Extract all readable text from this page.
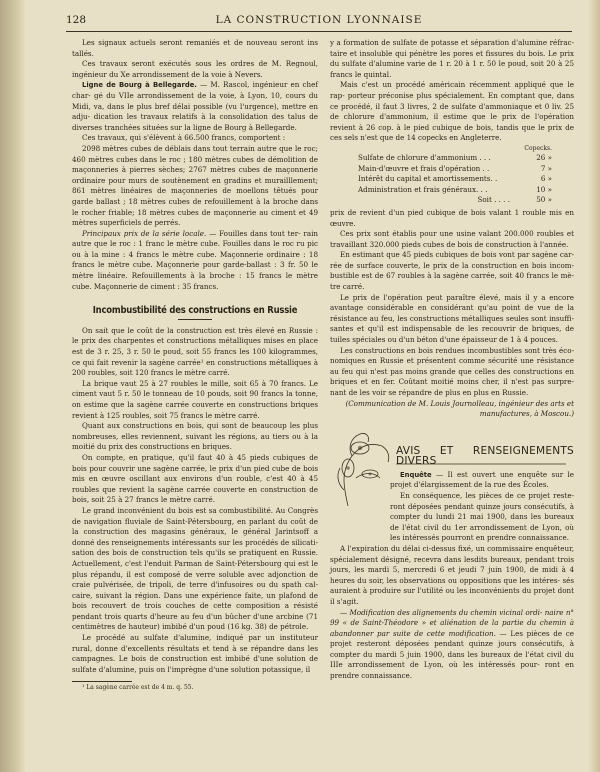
128	LA CONSTRUCTION LYONNAISE

Les signaux actuels seront remaniés et de nouveau seront ins tallés.

Ces travaux seront exécutés sous les ordres de M. Regnoul, ingénieur du Xe arrondissement de la voie à Nevers.

Ligne de Bourg à Bellegarde. — M. Rascol, ingénieur en chef char- gé du VIIe arrondissement de la voie, à Lyon, 10, cours du Midi, va, dans le plus bref délai possible (vu l'urgence), mettre en adju- dication les travaux relatifs à la consolidation des talus de diverses tranchées situées sur la ligne de Bourg à Bellegarde.

Ces travaux, qui s'élèvent à 66.500 francs, comportent :

2098 mètres cubes de déblais dans tout terrain autre que le roc; 460 mètres cubes dans le roc ; 180 mètres cubes de démolition de maçonneries à pierres sèches; 2767 mètres cubes de maçonnerie ordinaire pour murs de soutènement en gradins et murailllement; 861 mètres linéaires de maçonneries de moellons têtués pour garde ballast ; 18 mètres cubes de refouillement à la broche dans le rocher friable; 18 mètres cubes de maçonnerie au ciment et 49 mètres superficiels de perrés.

Principaux prix de la série locale. — Fouilles dans tout ter- rain autre que le roc : 1 franc le mètre cube. Fouilles dans le roc ru pic ou à la mine : 4 francs le mètre cube. Maçonnerie ordinaire : 18 francs le mètre cube. Maçonnerie pour garde-ballast : 3 fr. 50 le mètre linéaire. Refouillements à la broche : 15 francs le mètre cube. Maçonnerie de ciment : 35 francs.

Incombustibilité des constructions en Russie

On sait que le coût de la construction est très élevé en Russie : le prix des charpentes et constructions métalliques mises en place est de 3 r. 25, 3 r. 50 le poud, soit 55 francs les 100 kilogrammes, ce qui fait revenir la sagène carrée¹ en constructions métalliques à 200 roubles, soit 120 francs le mètre carré.

La brique vaut 25 à 27 roubles le mille, soit 65 à 70 francs. Le ciment vaut 5 r. 50 le tonneau de 10 pouds, soit 90 francs la tonne, on estime que la sagène carrée couverte en constructions briques revient à 125 roubles, soit 75 francs le mètre carré.

Quant aux constructions en bois, qui sont de beaucoup les plus nombreuses, elles reviennent, suivant les régions, au tiers ou à la moitié du prix des constructions en briques.

On compte, en pratique, qu'il faut 40 à 45 pieds cubiques de bois pour couvrir une sagène carrée, le prix d'un pied cube de bois mis en œuvre oscillant aux environs d'un rouble, c'est 40 à 45 roubles que revient la sagène carrée couverte en construction de bois, soit 25 à 27 francs le mètre carré.

Le grand inconvénient du bois est sa combustibilité. Au Congrès de navigation fluviale de Saint-Pétersbourg, en parlant du coût de la construction des magasins généraux, le général Jarintsoff a donné des renseignements intéressants sur les procédés de silicati- sation des bois de construction tels qu'ils se pratiquent en Russie. Actuellement, c'est l'enduit Parman de Saint-Pétersbourg qui est le plus répandu, il est composé de verre soluble avec adjonction de craie pulvérisée, de tripoli, de terre d'infusoires ou du spath cal- caire, suivant la région. Dans une expérience faite, un plafond de bois recouvert de trois couches de cette composition a résisté pendant trois quarts d'heure au feu d'un bûcher d'une arcbine (71 centimètres de hauteur) imbibé d'un poud (16 kg. 38) de pétrole.

Le procédé au sulfate d'alumine, indiqué par un instituteur rural, donne d'excellents résultats et tend à se répandre dans les campagnes. Le bois de construction est imbibé d'une solution de sulfate d'alumine, puis on l'imprègne d'une solution potassique, il

¹ La sagène carrée est de 4 m. q. 55.

y a formation de sulfate de potasse et séparation d'alumine réfrac- taire et insoluble qui pénètre les pores et fissures du bois. Le prix du sulfate d'alumine varie de 1 r. 20 à 1 r. 50 le poud, soit 20 à 25 francs le quintal.

Mais c'est un procédé américain récemment appliqué que le rap- porteur préconise plus spécialement. En comptant que, dans ce procédé, il faut 3 livres, 2 de sulfate d'ammoniaque et 0 liv. 25 de chlorure d'ammonium, il estime que le prix de l'opération revient à 26 cop. à le pied cubique de bois, tandis que le prix de ces sels n'est que de 14 copecks en Angleterre.

Copecks.
Sulfate de chlorure d'ammonium . . .	26 »
Main-d'œuvre et frais d'opération . .	7 »
Intérêt du capital et amortissements. .	6 »
Administration et frais généraux. . .	10 »
Soit . . . .	50 »

prix de revient d'un pied cubique de bois valant 1 rouble mis en œuvre.

Ces prix sont établis pour une usine valant 200.000 roubles et travaillant 320.000 pieds cubes de bois de construction à l'année.

En estimant que 45 pieds cubiques de bois vont par sagène car- rée de surface couverte, le prix de la construction en bois incom- bustible est de 67 roubles à la sagène carrée, soit 40 francs le mè- tre carré.

Le prix de l'opération peut paraître élevé, mais il y a encore avantage considérable en considérant qu'au point de vue de la résistance au feu, les constructions métalliques seules sont insuffi- santes et qu'il est indispensable de les recouvrir de briques, de tuiles spéciales ou d'un béton d'une épaisseur de 1 à 4 pouces.

Les constructions en bois rendues incombustibles sont très éco- nomiques en Russie et présentent comme sécurité une résistance au feu qui n'est pas moins grande que celles des constructions en briques et en fer. Coûtant moitié moins cher, il n'est pas surpre- nant de les voir se répandre de plus en plus en Russie.

(Communication de M. Louis Journolleau, ingénieur des arts et manufactures, à Moscou.)

AVIS ET RENSEIGNEMENTS DIVERS

Enquête — Il est ouvert une enquête sur le projet d'élargissement de la rue des Écoles.

En conséquence, les pièces de ce projet reste- ront déposées pendant quinze jours consécutifs, à compter du lundi 21 mai 1900, dans les bureaux de l'état civil du 1er arrondissement de Lyon, où les intéressés pourront en prendre connaissance.

A l'expiration du délai ci-dessus fixé, un commissaire enquêteur, spécialement désigné, recevra dans lesdits bureaux, pendant trois jours, les mardi 5, mercredi 6 et jeudi 7 juin 1900, de midi à 4 heures du soir, les observations ou oppositions que les intéres- sés auraient à produire sur l'utilité ou les inconvénients du projet dont il s'agit.

— Modification des alignements du chemin vicinal ordi- naire n° 99 « de Saint-Théodore » et aliénation de la partie du chemin à abandonner par suite de cette modification. — Les pièces de ce projet resteront déposées pendant quinze jours consécutifs, à compter du mardi 5 juin 1900, dans les bureaux de l'état civil du IIIe arrondissement de Lyon, où les intéressés pour- ront en prendre connaissance.
